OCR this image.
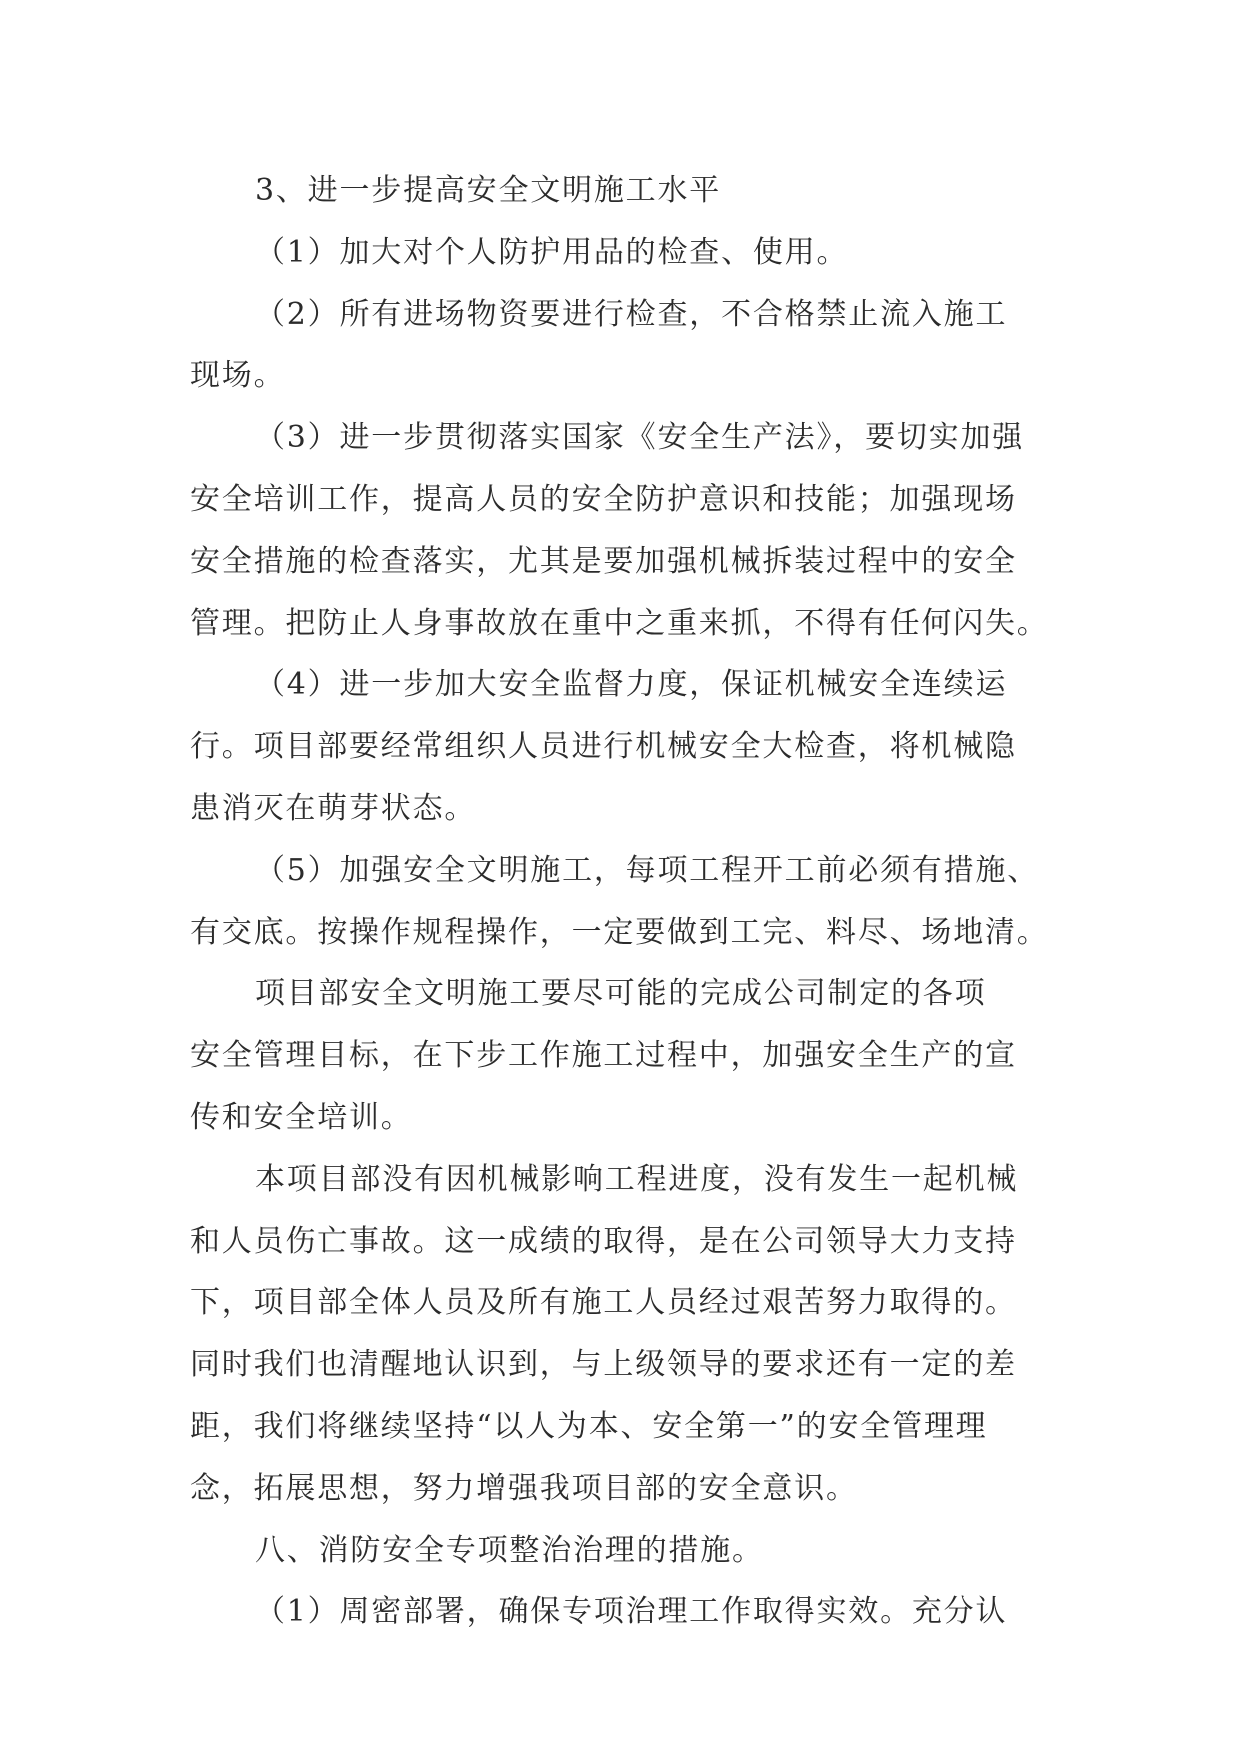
3、进一步提高安全文明施工水平
（1）加大对个人防护用品的检查、使用。
（2）所有进场物资要进行检查，不合格禁止流入施工
现场。
（3）进一步贯彻落实国家《安全生产法》，要切实加强
安全培训工作，提高人员的安全防护意识和技能；加强现场
安全措施的检查落实，尤其是要加强机械拆装过程中的安全
管理。把防止人身事故放在重中之重来抓，不得有任何闪失。
（4）进一步加大安全监督力度，保证机械安全连续运
行。项目部要经常组织人员进行机械安全大检查，将机械隐
患消灭在萌芽状态。
（5）加强安全文明施工，每项工程开工前必须有措施、
有交底。按操作规程操作，一定要做到工完、料尽、场地清。
项目部安全文明施工要尽可能的完成公司制定的各项
安全管理目标，在下步工作施工过程中，加强安全生产的宣
传和安全培训。
本项目部没有因机械影响工程进度，没有发生一起机械
和人员伤亡事故。这一成绩的取得，是在公司领导大力支持
下，项目部全体人员及所有施工人员经过艰苦努力取得的。
同时我们也清醒地认识到，与上级领导的要求还有一定的差
距，我们将继续坚持“以人为本、安全第一”的安全管理理
念，拓展思想，努力增强我项目部的安全意识。
八、消防安全专项整治治理的措施。
（1）周密部署，确保专项治理工作取得实效。充分认
